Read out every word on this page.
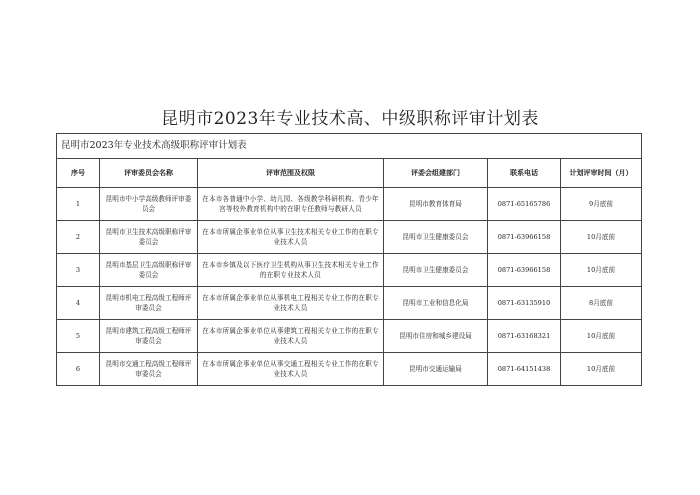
昆明市2023年专业技术高、中级职称评审计划表
昆明市2023年专业技术高级职称评审计划表					
序号	评审委员会名称	评审范围及权限	评委会组建部门	联系电话	计划评审时间（月）
1	昆明市中小学高级教师评审委员会	在本市各普通中小学、幼儿园、各级教学科研机构、青少年宫等校外教育机构中的在职专任教师与教研人员	昆明市教育体育局	0871-65165786	9月底前
2	昆明市卫生技术高级职称评审委员会	在本市所属企事业单位从事卫生技术相关专业工作的在职专业技术人员	昆明市卫生健康委员会	0871-63966158	10月底前
3	昆明市基层卫生高级职称评审委员会	在本市乡镇及以下医疗卫生机构从事卫生技术相关专业工作的在职专业技术人员	昆明市卫生健康委员会	0871-63966158	10月底前
4	昆明市机电工程高级工程师评审委员会	在本市所属企事业单位从事机电工程相关专业工作的在职专业技术人员	昆明市工业和信息化局	0871-63135910	8月底前
5	昆明市建筑工程高级工程师评审委员会	在本市所属企事业单位从事建筑工程相关专业工作的在职专业技术人员	昆明市住房和城乡建设局	0871-63168321	10月底前
6	昆明市交通工程高级工程师评审委员会	在本市所属企事业单位从事交通工程相关专业工作的在职专业技术人员	昆明市交通运输局	0871-64151438	10月底前
